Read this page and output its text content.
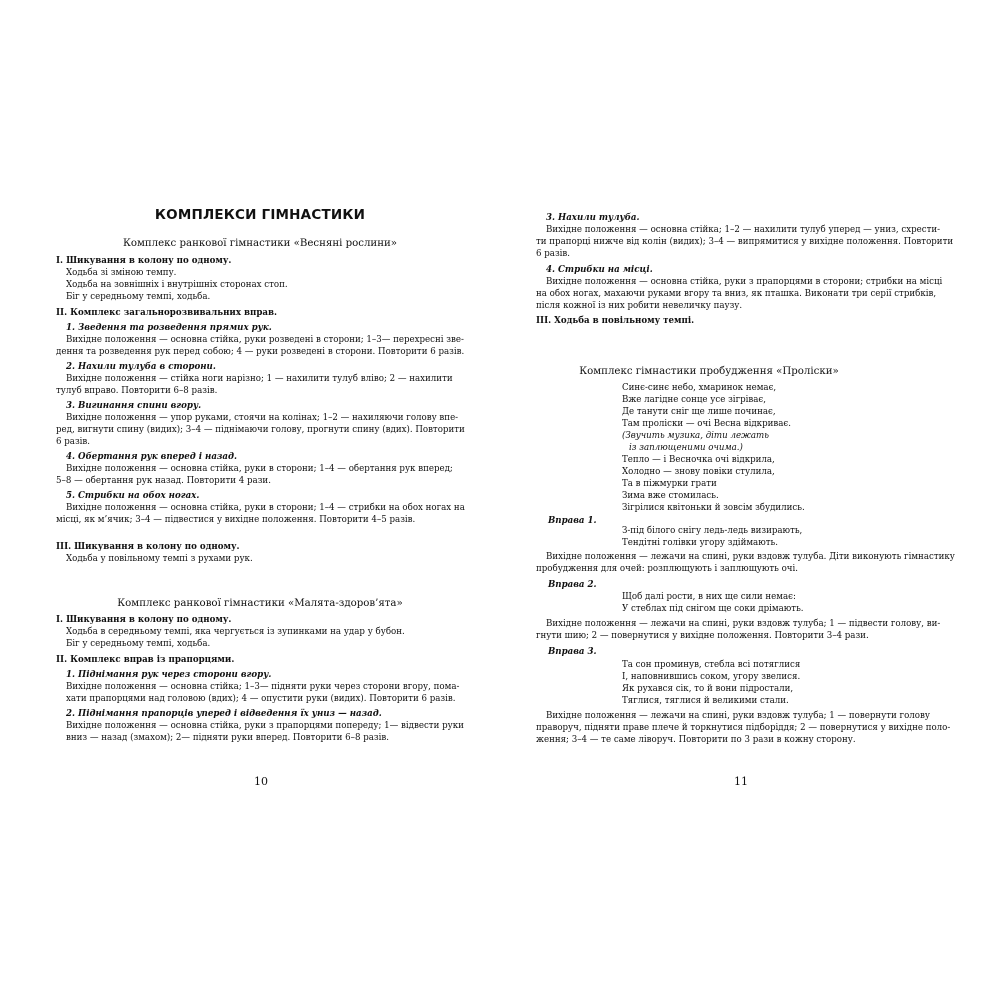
КОМПЛЕКСИ ГІМНАСТИКИ
Комплекс ранкової гімнастики «Весняні рослини»
I. Шикування в колону по одному.
Ходьба зі зміною темпу.
Ходьба на зовнішніх і внутрішніх сторонах стоп.
Біг у середньому темпі, ходьба.
II. Комплекс загальнорозвивальних вправ.
1. Зведення та розведення прямих рук.
Вихідне положення — основна стійка, руки розведені в сторони; 1–3— перехресні зве-
дення та розведення рук перед собою; 4 — руки розведені в сторони. Повторити 6 разів.
2. Нахили тулуба в сторони.
Вихідне положення — стійка ноги нарізно; 1 — нахилити тулуб вліво; 2 — нахилити
тулуб вправо. Повторити 6–8 разів.
3. Вигинання спини вгору.
Вихідне положення — упор руками, стоячи на колінах; 1–2 — нахиляючи голову впе-
ред, вигнути спину (видих); 3–4 — піднімаючи голову, прогнути спину (вдих). Повторити
6 разів.
4. Обертання рук вперед і назад.
Вихідне положення — основна стійка, руки в сторони; 1–4 — обертання рук вперед;
5–8 — обертання рук назад. Повторити 4 рази.
5. Стрибки на обох ногах.
Вихідне положення — основна стійка, руки в сторони; 1–4 — стрибки на обох ногах на
місці, як м’ячик; 3–4 — підвестися у вихідне положення. Повторити 4–5 разів.
III. Шикування в колону по одному.
Ходьба у повільному темпі з рухами рук.
Комплекс ранкової гімнастики «Малята-здоров’ята»
I. Шикування в колону по одному.
Ходьба в середньому темпі, яка чергується із зупинками на удар у бубон.
Біг у середньому темпі, ходьба.
II. Комплекс вправ із прапорцями.
1. Піднімання рук через сторони вгору.
Вихідне положення — основна стійка; 1–3— підняти руки через сторони вгору, пома-
хати прапорцями над головою (вдих); 4 — опустити руки (видих). Повторити 6 разів.
2. Піднімання прапорців уперед і відведення їх униз — назад.
Вихідне положення — основна стійка, руки з прапорцями попереду; 1— відвести руки
вниз — назад (змахом); 2— підняти руки вперед. Повторити 6–8 разів.
10
3. Нахили тулуба.
Вихідне положення — основна стійка; 1–2 — нахилити тулуб уперед — униз, схрести-
ти прапорці нижче від колін (видих); 3–4 — випрямитися у вихідне положення. Повторити
6 разів.
4. Стрибки на місці.
Вихідне положення — основна стійка, руки з прапорцями в сторони; стрибки на місці
на обох ногах, махаючи руками вгору та вниз, як пташка. Виконати три серії стрибків,
після кожної із них робити невеличку паузу.
III. Ходьба в повільному темпі.
Комплекс гімнастики пробудження «Проліски»
Синє-синє небо, хмаринок немає,
Вже лагідне сонце усе зігріває,
Де танути сніг ще лише починає,
Там проліски — очі Весна відкриває.
(Звучить музика, діти лежать
із заплющеними очима.)
Тепло — і Весночка очі відкрила,
Холодно — знову повіки стулила,
Та в піжмурки грати
Зима вже стомилась.
Зігрілися квітоньки й зовсім збудились.
Вправа 1.
З-під білого снігу ледь-ледь визирають,
Тендітні голівки угору здіймають.
Вихідне положення — лежачи на спині, руки вздовж тулуба. Діти виконують гімнастику
пробудження для очей: розплющують і заплющують очі.
Вправа 2.
Щоб далі рости, в них ще сили немає:
У стеблах під снігом ще соки дрімають.
Вихідне положення — лежачи на спині, руки вздовж тулуба; 1 — підвести голову, ви-
гнути шию; 2 — повернутися у вихідне положення. Повторити 3–4 рази.
Вправа 3.
Та сон проминув, стебла всі потяглися
І, наповнившись соком, угору звелися.
Як рухався сік, то й вони підростали,
Тяглися, тяглися й великими стали.
Вихідне положення — лежачи на спині, руки вздовж тулуба; 1 — повернути голову
праворуч, підняти праве плече й торкнутися підборіддя; 2 — повернутися у вихідне поло-
ження; 3–4 — те саме ліворуч. Повторити по 3 рази в кожну сторону.
11
